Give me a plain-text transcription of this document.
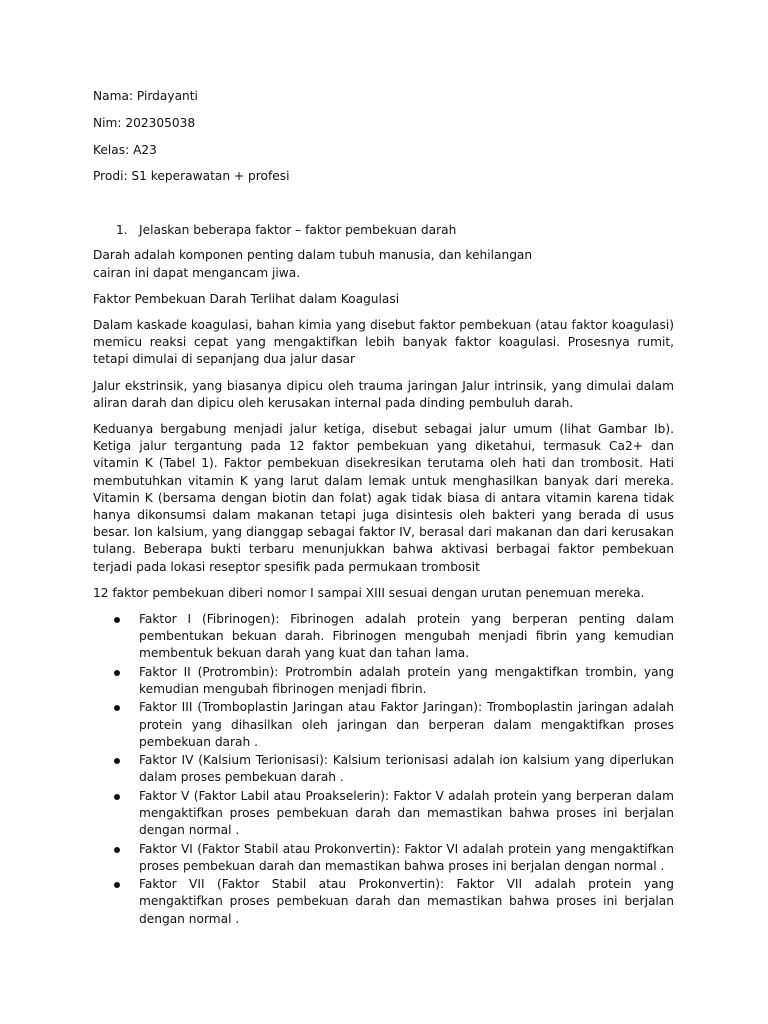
Nama: Pirdayanti
Nim: 202305038
Kelas: A23
Prodi: S1 keperawatan + profesi
1. Jelaskan beberapa faktor – faktor pembekuan darah
Darah adalah komponen penting dalam tubuh manusia, dan kehilangan cairan ini dapat mengancam jiwa.
Faktor Pembekuan Darah Terlihat dalam Koagulasi
Dalam kaskade koagulasi, bahan kimia yang disebut faktor pembekuan (atau faktor koagulasi) memicu reaksi cepat yang mengaktifkan lebih banyak faktor koagulasi. Prosesnya rumit, tetapi dimulai di sepanjang dua jalur dasar
Jalur ekstrinsik, yang biasanya dipicu oleh trauma jaringan Jalur intrinsik, yang dimulai dalam aliran darah dan dipicu oleh kerusakan internal pada dinding pembuluh darah.
Keduanya bergabung menjadi jalur ketiga, disebut sebagai jalur umum (lihat Gambar Ib). Ketiga jalur tergantung pada 12 faktor pembekuan yang diketahui, termasuk Ca2+ dan vitamin K (Tabel 1). Faktor pembekuan disekresikan terutama oleh hati dan trombosit. Hati membutuhkan vitamin K yang larut dalam lemak untuk menghasilkan banyak dari mereka. Vitamin K (bersama dengan biotin dan folat) agak tidak biasa di antara vitamin karena tidak hanya dikonsumsi dalam makanan tetapi juga disintesis oleh bakteri yang berada di usus besar. Ion kalsium, yang dianggap sebagai faktor IV, berasal dari makanan dan dari kerusakan tulang. Beberapa bukti terbaru menunjukkan bahwa aktivasi berbagai faktor pembekuan terjadi pada lokasi reseptor spesifik pada permukaan trombosit
12 faktor pembekuan diberi nomor I sampai XIII sesuai dengan urutan penemuan mereka.
Faktor I (Fibrinogen): Fibrinogen adalah protein yang berperan penting dalam pembentukan bekuan darah. Fibrinogen mengubah menjadi fibrin yang kemudian membentuk bekuan darah yang kuat dan tahan lama.
Faktor II (Protrombin): Protrombin adalah protein yang mengaktifkan trombin, yang kemudian mengubah fibrinogen menjadi fibrin.
Faktor III (Tromboplastin Jaringan atau Faktor Jaringan): Tromboplastin jaringan adalah protein yang dihasilkan oleh jaringan dan berperan dalam mengaktifkan proses pembekuan darah .
Faktor IV (Kalsium Terionisasi): Kalsium terionisasi adalah ion kalsium yang diperlukan dalam proses pembekuan darah .
Faktor V (Faktor Labil atau Proakselerin): Faktor V adalah protein yang berperan dalam mengaktifkan proses pembekuan darah dan memastikan bahwa proses ini berjalan dengan normal .
Faktor VI (Faktor Stabil atau Prokonvertin): Faktor VI adalah protein yang mengaktifkan proses pembekuan darah dan memastikan bahwa proses ini berjalan dengan normal .
Faktor VII (Faktor Stabil atau Prokonvertin): Faktor VII adalah protein yang mengaktifkan proses pembekuan darah dan memastikan bahwa proses ini berjalan dengan normal .
